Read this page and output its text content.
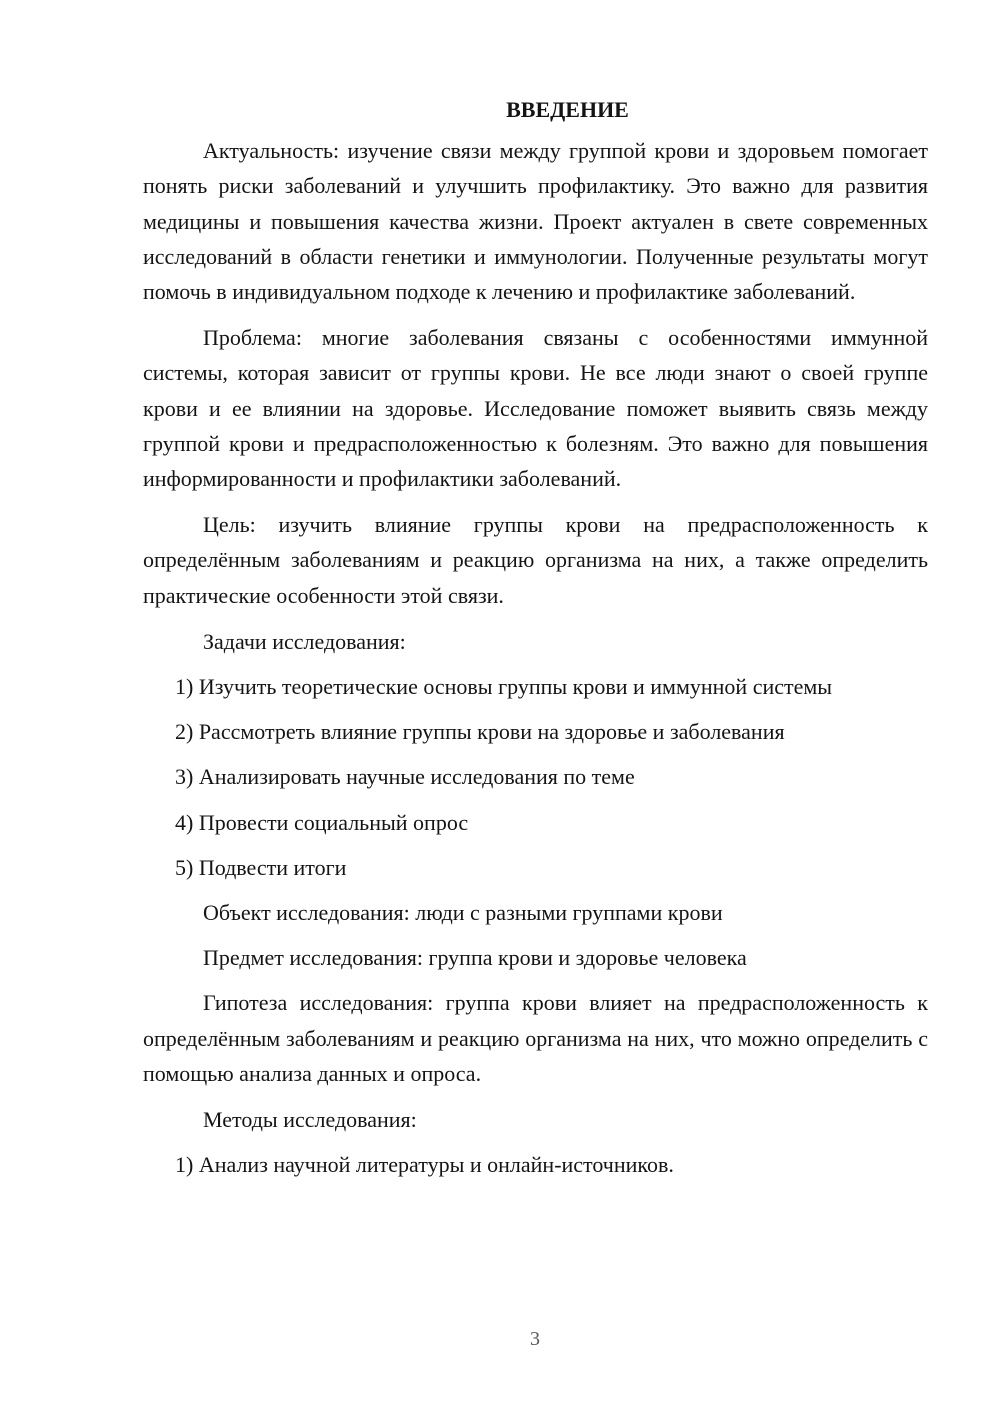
ВВЕДЕНИЕ

Актуальность: изучение связи между группой крови и здоровьем помогает понять риски заболеваний и улучшить профилактику. Это важно для развития медицины и повышения качества жизни. Проект актуален в свете современных исследований в области генетики и иммунологии. Полученные результаты могут помочь в индивидуальном подходе к лечению и профилактике заболеваний.

Проблема: многие заболевания связаны с особенностями иммунной системы, которая зависит от группы крови. Не все люди знают о своей группе крови и ее влиянии на здоровье. Исследование поможет выявить связь между группой крови и предрасположенностью к болезням. Это важно для повышения информированности и профилактики заболеваний.

Цель: изучить влияние группы крови на предрасположенность к определённым заболеваниям и реакцию организма на них, а также определить практические особенности этой связи.

Задачи исследования:
1) Изучить теоретические основы группы крови и иммунной системы
2) Рассмотреть влияние группы крови на здоровье и заболевания
3) Анализировать научные исследования по теме
4) Провести социальный опрос
5) Подвести итоги
Объект исследования: люди с разными группами крови
Предмет исследования: группа крови и здоровье человека

Гипотеза исследования: группа крови влияет на предрасположенность к определённым заболеваниям и реакцию организма на них, что можно определить с помощью анализа данных и опроса.

Методы исследования:
1) Анализ научной литературы и онлайн-источников.
3
